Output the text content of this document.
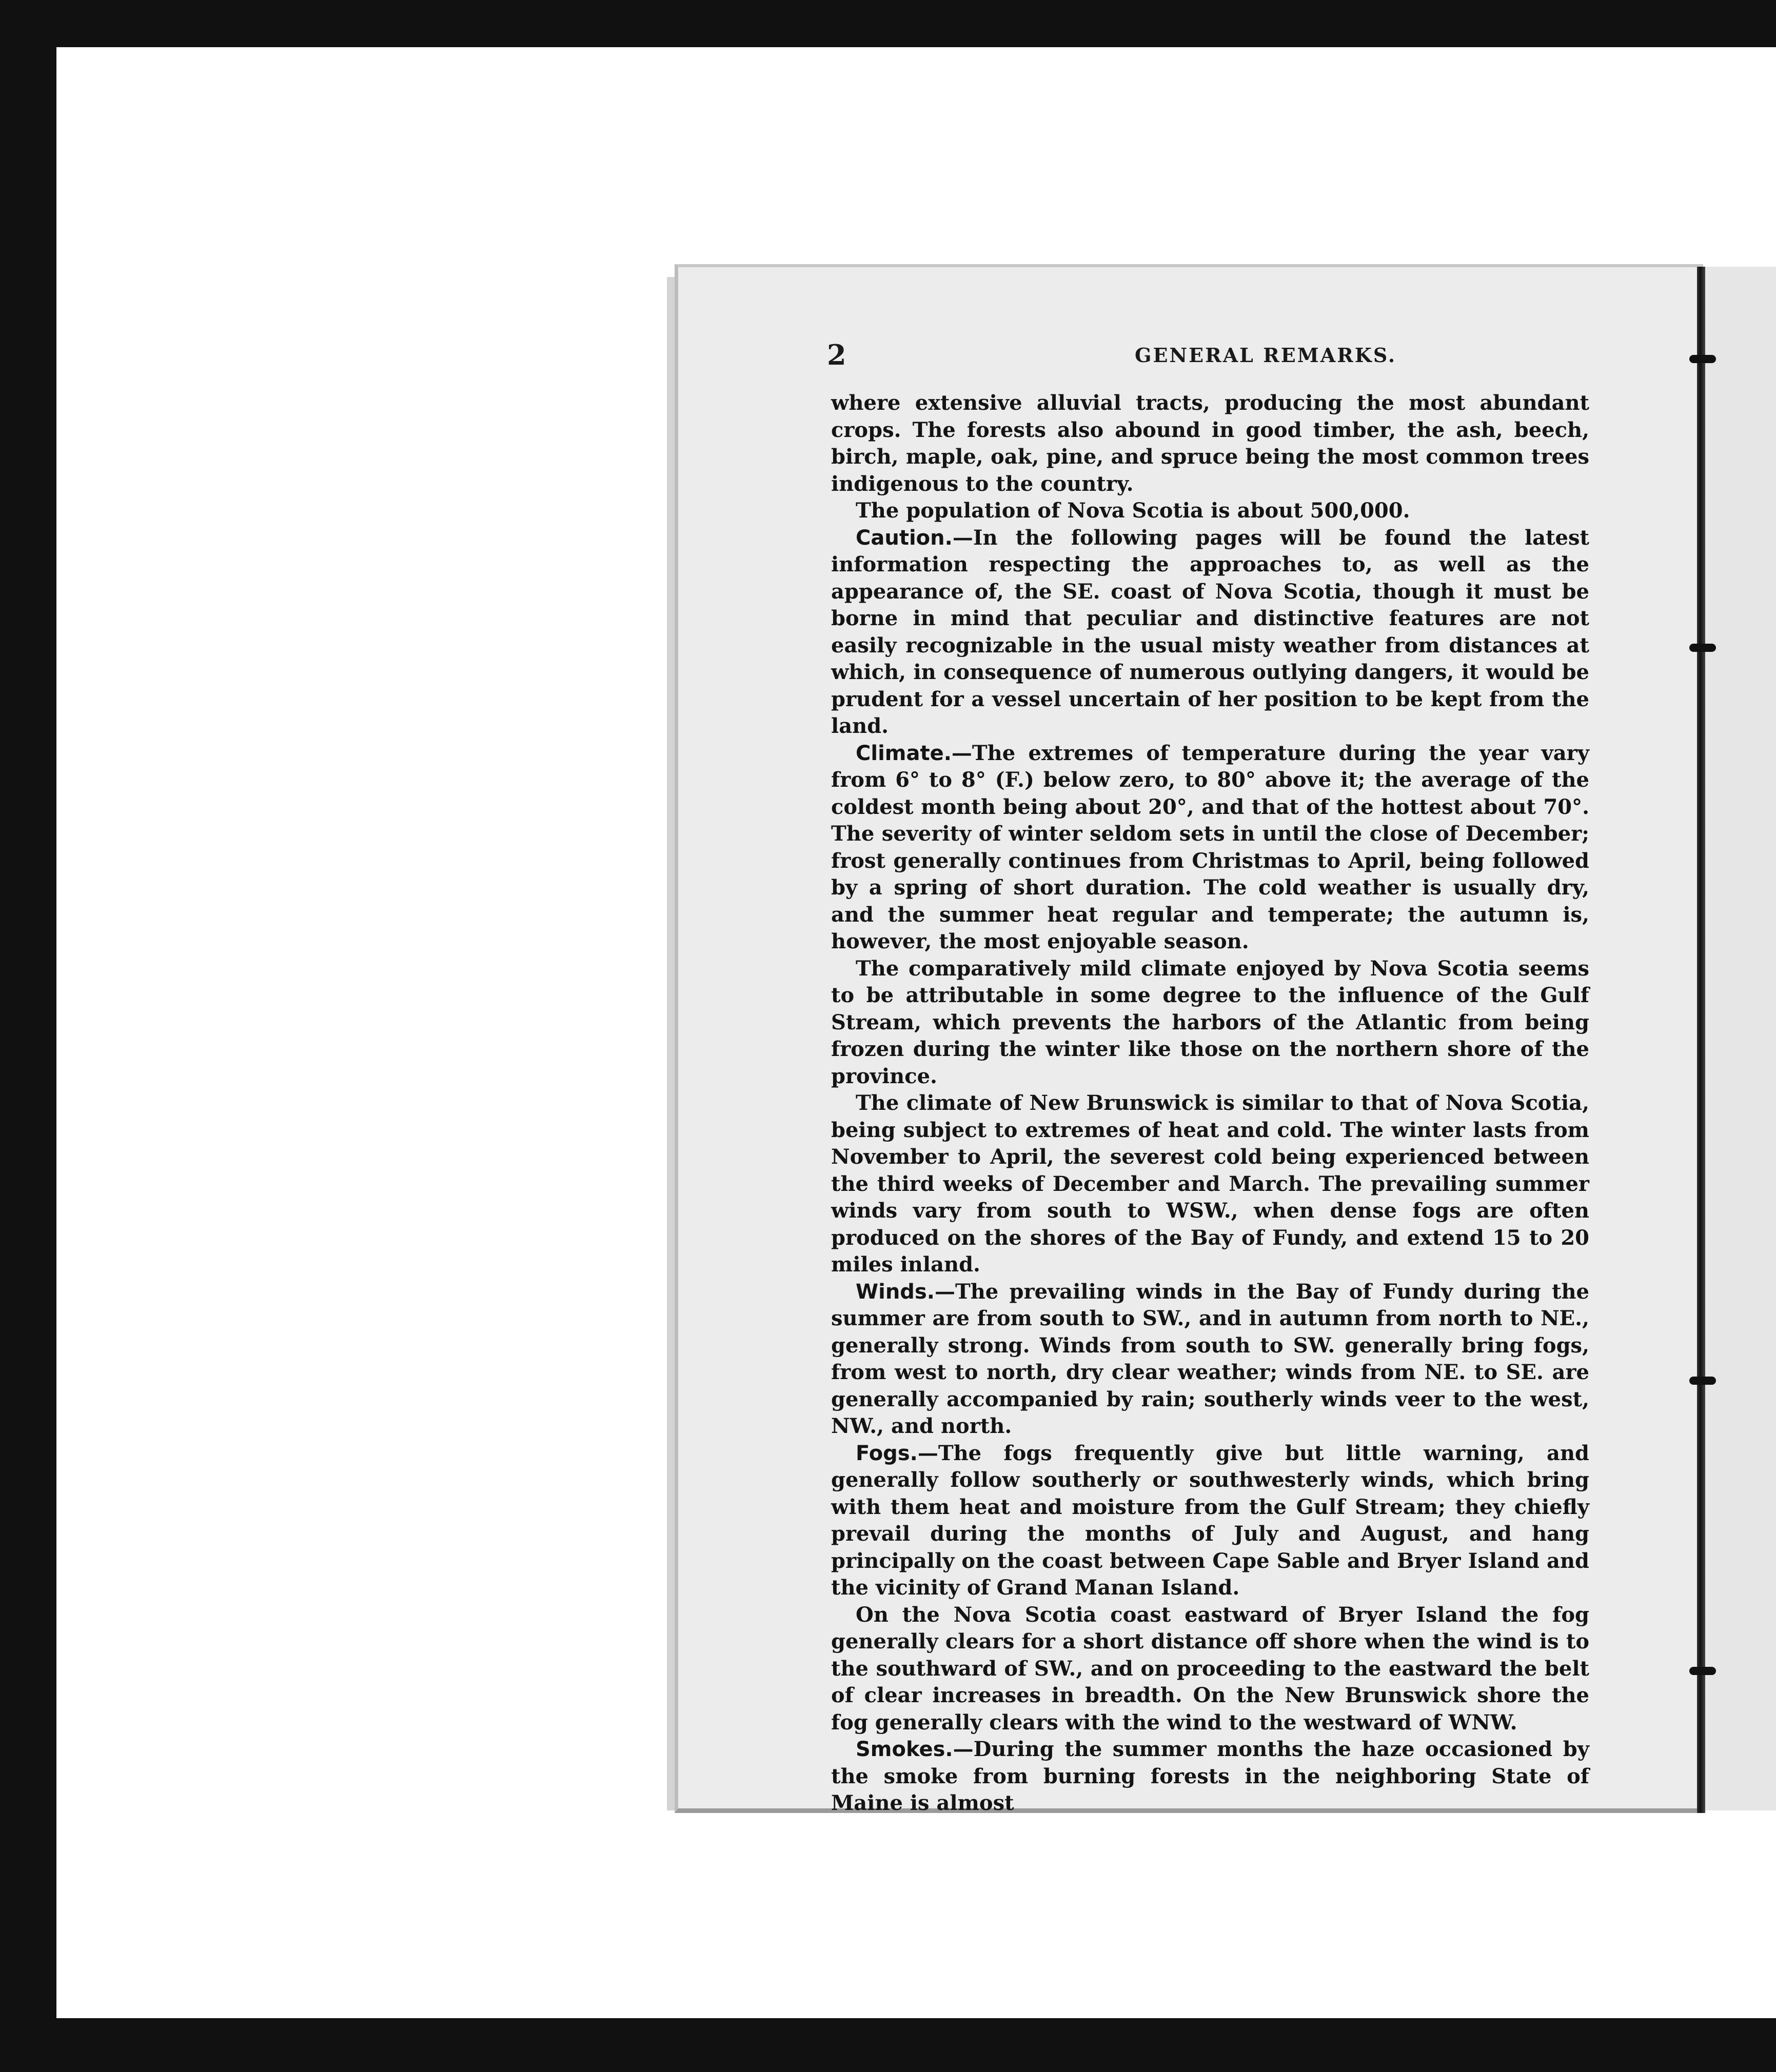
2	GENERAL REMARKS.

where extensive alluvial tracts, producing the most abundant crops. The forests also abound in good timber, the ash, beech, birch, maple, oak, pine, and spruce being the most common trees indigenous to the country.

The population of Nova Scotia is about 500,000.

Caution.—In the following pages will be found the latest information respecting the approaches to, as well as the appearance of, the SE. coast of Nova Scotia, though it must be borne in mind that peculiar and distinctive features are not easily recognizable in the usual misty weather from distances at which, in consequence of numerous outlying dangers, it would be prudent for a vessel uncertain of her position to be kept from the land.

Climate.—The extremes of temperature during the year vary from 6° to 8° (F.) below zero, to 80° above it; the average of the coldest month being about 20°, and that of the hottest about 70°. The severity of winter seldom sets in until the close of December; frost generally continues from Christmas to April, being followed by a spring of short duration. The cold weather is usually dry, and the summer heat regular and temperate; the autumn is, however, the most enjoyable season.

The comparatively mild climate enjoyed by Nova Scotia seems to be attributable in some degree to the influence of the Gulf Stream, which prevents the harbors of the Atlantic from being frozen during the winter like those on the northern shore of the province.

The climate of New Brunswick is similar to that of Nova Scotia, being subject to extremes of heat and cold. The winter lasts from November to April, the severest cold being experienced between the third weeks of December and March. The prevailing summer winds vary from south to WSW., when dense fogs are often produced on the shores of the Bay of Fundy, and extend 15 to 20 miles inland.

Winds.—The prevailing winds in the Bay of Fundy during the summer are from south to SW., and in autumn from north to NE., generally strong. Winds from south to SW. generally bring fogs, from west to north, dry clear weather; winds from NE. to SE. are generally accompanied by rain; southerly winds veer to the west, NW., and north.

Fogs.—The fogs frequently give but little warning, and generally follow southerly or southwesterly winds, which bring with them heat and moisture from the Gulf Stream; they chiefly prevail during the months of July and August, and hang principally on the coast between Cape Sable and Bryer Island and the vicinity of Grand Manan Island.

On the Nova Scotia coast eastward of Bryer Island the fog generally clears for a short distance off shore when the wind is to the southward of SW., and on proceeding to the eastward the belt of clear increases in breadth. On the New Brunswick shore the fog generally clears with the wind to the westward of WNW.

Smokes.—During the summer months the haze occasioned by the smoke from burning forests in the neighboring State of Maine is almost
